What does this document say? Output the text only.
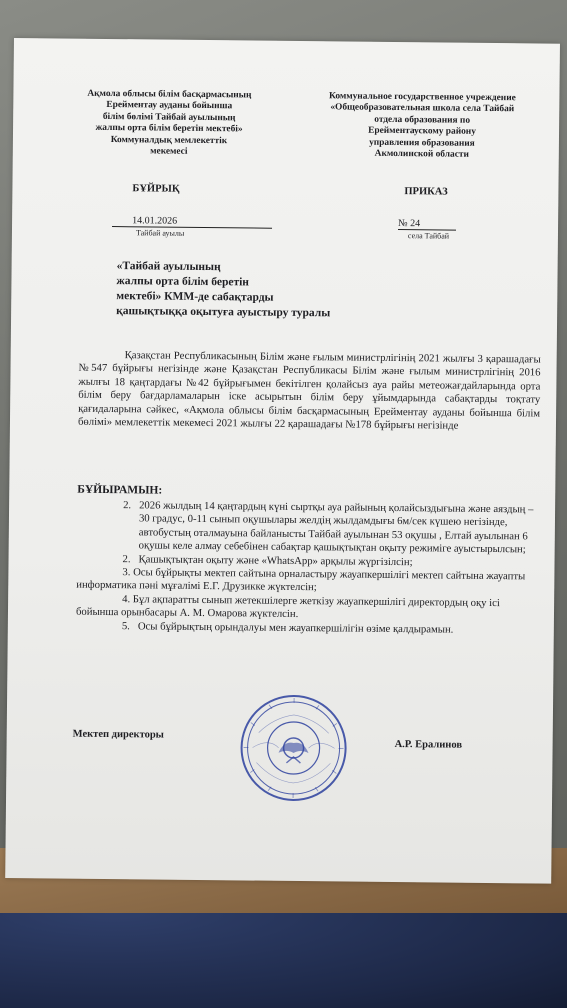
Ақмола облысы білім басқармасының
Ерейментау ауданы бойынша
білім бөлімі Тайбай ауылының
жалпы орта білім беретін мектебі»
Коммуналдық мемлекеттік
мекемесі
Коммунальное государственное учреждение
«Общеобразовательная школа села Тайбай
отдела образования по
Ерейментаускому району
управления образования
Акмолинской области
БҰЙРЫҚ	ПРИКАЗ
14.01.2026	№ 24
Тайбай ауылы	села Тайбай
«Тайбай ауылының
жалпы орта білім беретін
мектебі» КММ-де сабақтарды
қашықтыққа оқытуға ауыстыру туралы

Қазақстан Республикасының Білім және ғылым министрлігінің 2021 жылғы 3 қарашадағы №547 бұйрығы негізінде және Қазақстан Республикасы Білім және ғылым министрлігінің 2016 жылғы 18 қаңтардағы №42 бұйрығымен бекітілген қолайсыз ауа райы метеожағдайларында орта білім беру бағдарламаларын іске асырытын білім беру ұйымдарында сабақтарды тоқтату қағидаларына сәйкес, «Ақмола облысы білім басқармасының Ерейментау ауданы бойынша білім бөлімі» мемлекеттік мекемесі 2021 жылғы 22 қарашадағы №178 бұйрығы негізінде

БҰЙЫРАМЫН:
2. 2026 жылдың 14 қаңтардың күні сыртқы ауа райының қолайсыздығына және аяздың – 30 градус, 0-11 сынып оқушылары желдің жылдамдығы 6м/сек күшею негізінде, автобустың оталмауына байланысты Тайбай ауылынан 53 оқушы , Елтай ауылынан 6 оқушы келе алмау себебінен сабақтар қашықтықтан оқыту режиміге ауыстырылсын;
2. Қашықтықтан оқыту және «WhatsApp» арқылы жүргізілсін;
3. Осы бұйрықты мектеп сайтына орналастыру жауапкершілігі мектеп сайтына жауапты информатика пәні мұғалімі Е.Г. Друзикке жүктелсін;
4. Бұл ақпаратты сынып жетекшілерге жеткізу жауапкершілігі директордың оқу ісі бойынша орынбасары А. М. Омарова жүктелсін.
5. Осы бұйрықтың орындалуы мен жауапкершілігін өзіме қалдырамын.
Мектеп директоры
А.Р. Ералинов
